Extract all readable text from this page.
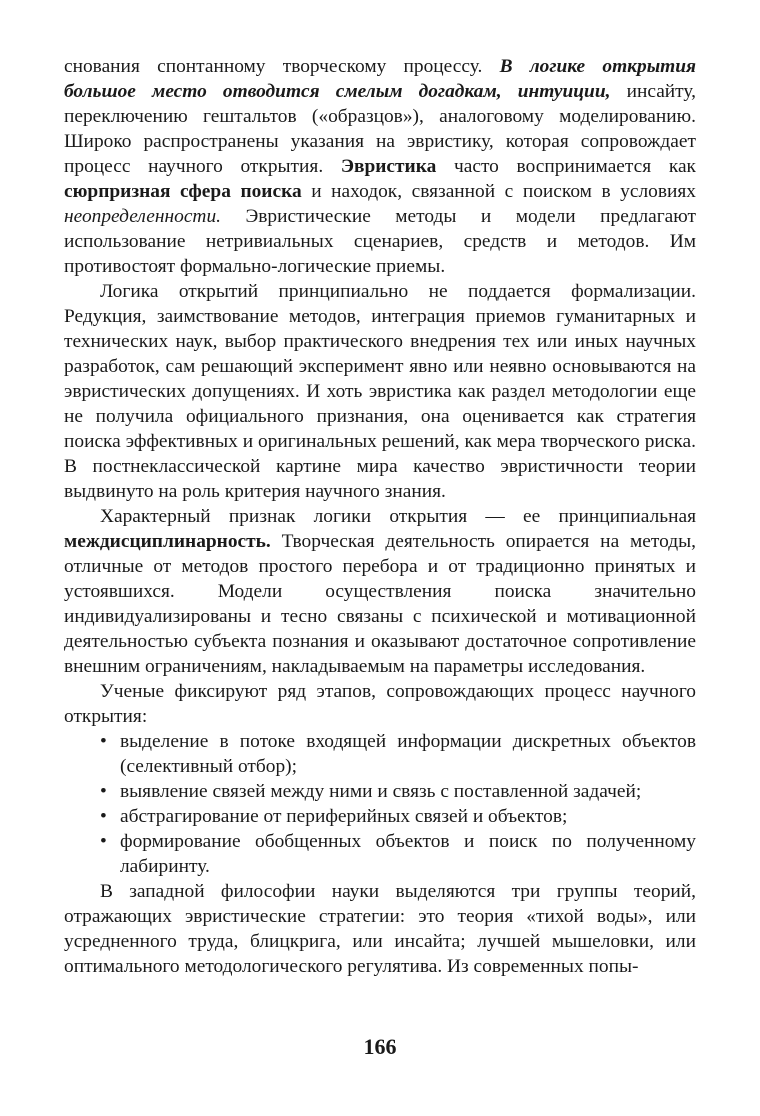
снования спонтанному творческому процессу. В логике открытия большое место отводится смелым догадкам, интуиции, инсайту, переключению гештальтов («образцов»), аналоговому моделированию. Широко распространены указания на эвристику, которая сопровождает процесс научного открытия. Эвристика часто воспринимается как сюрпризная сфера поиска и находок, связанной с поиском в условиях неопределенности. Эвристические методы и модели предлагают использование нетривиальных сценариев, средств и методов. Им противостоят формально-логические приемы.

Логика открытий принципиально не поддается формализации. Редукция, заимствование методов, интеграция приемов гуманитарных и технических наук, выбор практического внедрения тех или иных научных разработок, сам решающий эксперимент явно или неявно основываются на эвристических допущениях. И хоть эвристика как раздел методологии еще не получила официального признания, она оценивается как стратегия поиска эффективных и оригинальных решений, как мера творческого риска. В постнеклассической картине мира качество эвристичности теории выдвинуто на роль критерия научного знания.

Характерный признак логики открытия — ее принципиальная междисциплинарность. Творческая деятельность опирается на методы, отличные от методов простого перебора и от традиционно принятых и устоявшихся. Модели осуществления поиска значительно индивидуализированы и тесно связаны с психической и мотивационной деятельностью субъекта познания и оказывают достаточное сопротивление внешним ограничениям, накладываемым на параметры исследования.

Ученые фиксируют ряд этапов, сопровождающих процесс научного открытия:

• выделение в потоке входящей информации дискретных объектов (селективный отбор);
• выявление связей между ними и связь с поставленной задачей;
• абстрагирование от периферийных связей и объектов;
• формирование обобщенных объектов и поиск по полученному лабиринту.

В западной философии науки выделяются три группы теорий, отражающих эвристические стратегии: это теория «тихой воды», или усредненного труда, блицкрига, или инсайта; лучшей мышеловки, или оптимального методологического регулятива. Из современных попы-

166
